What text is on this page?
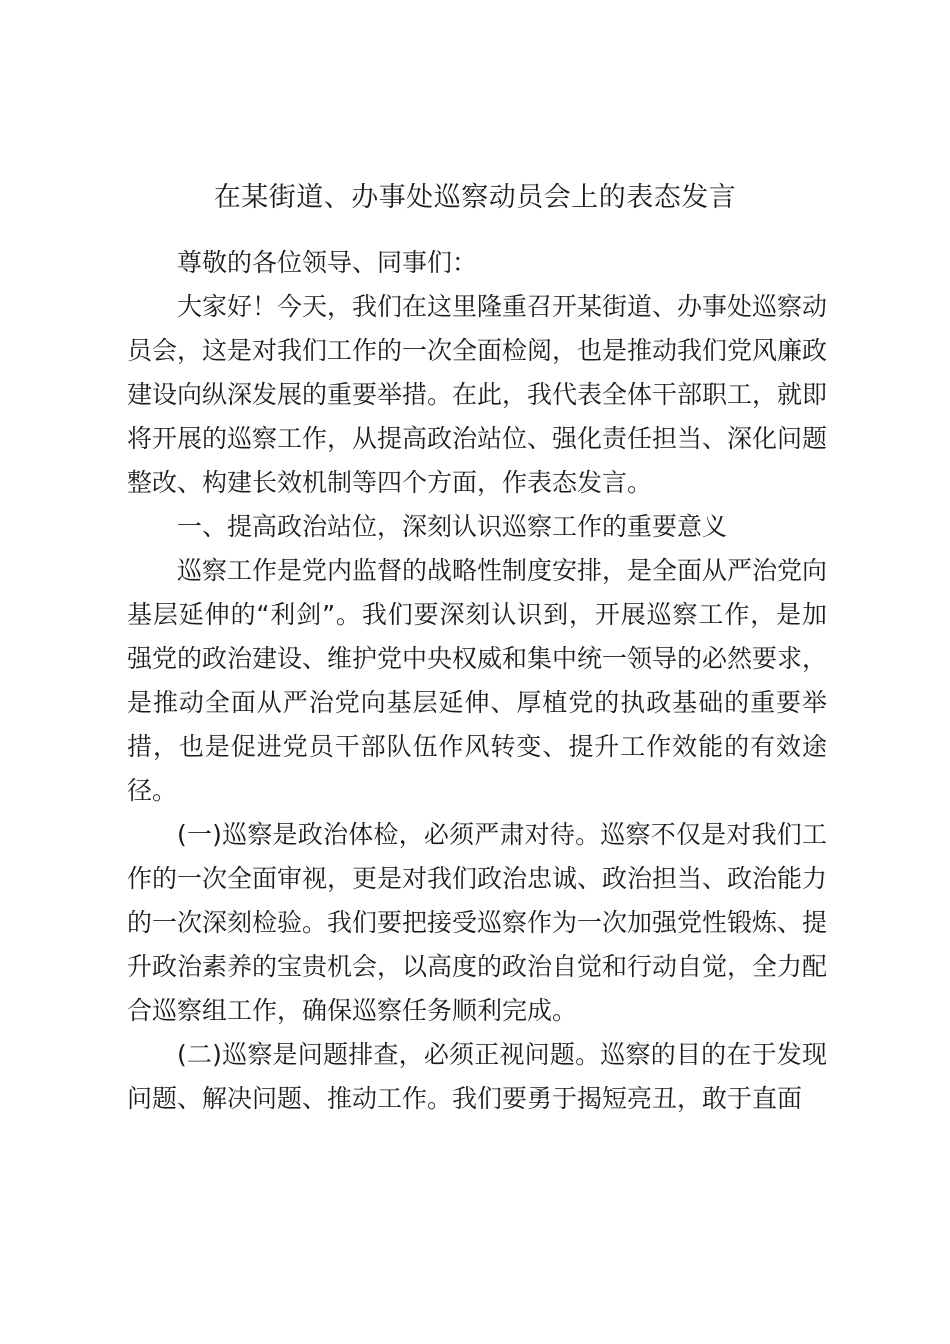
在某街道、办事处巡察动员会上的表态发言

尊敬的各位领导、同事们：

大家好！今天，我们在这里隆重召开某街道、办事处巡察动员会，这是对我们工作的一次全面检阅，也是推动我们党风廉政建设向纵深发展的重要举措。在此，我代表全体干部职工，就即将开展的巡察工作，从提高政治站位、强化责任担当、深化问题整改、构建长效机制等四个方面，作表态发言。

一、提高政治站位，深刻认识巡察工作的重要意义

巡察工作是党内监督的战略性制度安排，是全面从严治党向基层延伸的“利剑”。我们要深刻认识到，开展巡察工作，是加强党的政治建设、维护党中央权威和集中统一领导的必然要求，是推动全面从严治党向基层延伸、厚植党的执政基础的重要举措，也是促进党员干部队伍作风转变、提升工作效能的有效途径。

(一)巡察是政治体检，必须严肃对待。巡察不仅是对我们工作的一次全面审视，更是对我们政治忠诚、政治担当、政治能力的一次深刻检验。我们要把接受巡察作为一次加强党性锻炼、提升政治素养的宝贵机会，以高度的政治自觉和行动自觉，全力配合巡察组工作，确保巡察任务顺利完成。

(二)巡察是问题排查，必须正视问题。巡察的目的在于发现问题、解决问题、推动工作。我们要勇于揭短亮丑，敢于直面
